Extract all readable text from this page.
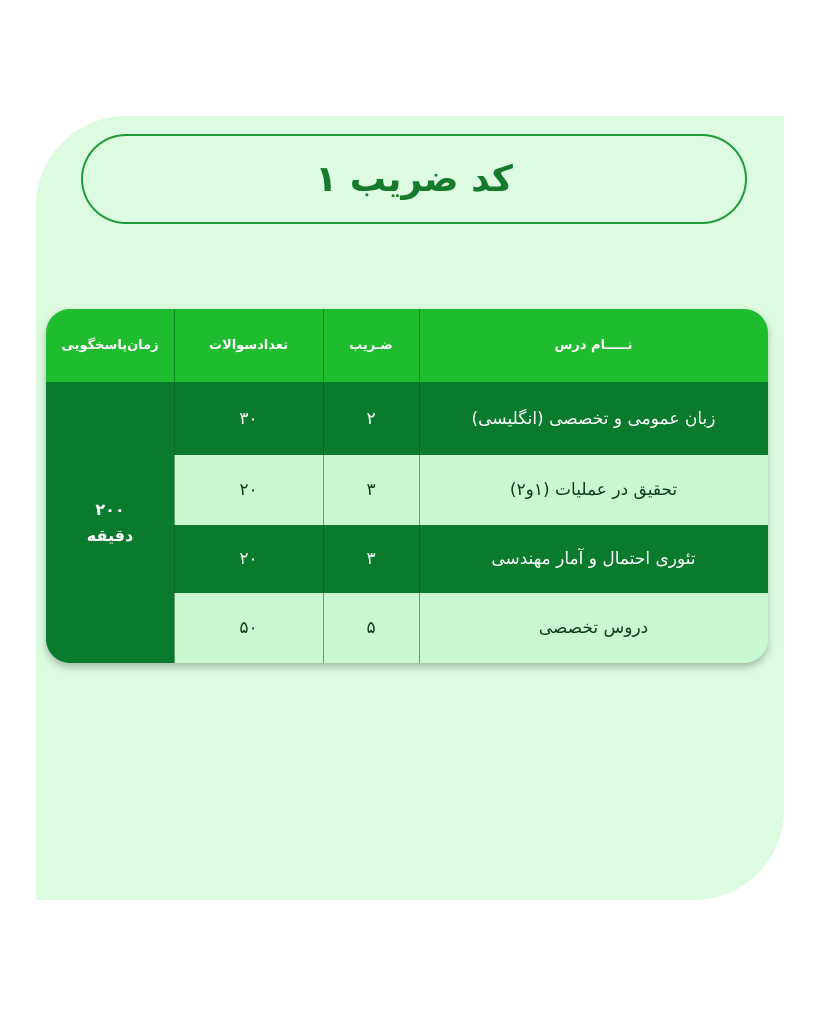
کد ضریب ۱
نـــــام درس
ضـريب
تعدادسوالات
زمان‌پاسخگویی
زبان عمومی و تخصصی (انگلیسی)
۲
۳۰
تحقیق در عملیات (۱و۲)
۳
۲۰
تئوری احتمال و آمار مهندسی
۳
۲۰
دروس تخصصی
۵
۵۰
۲۰۰
دقیقه
